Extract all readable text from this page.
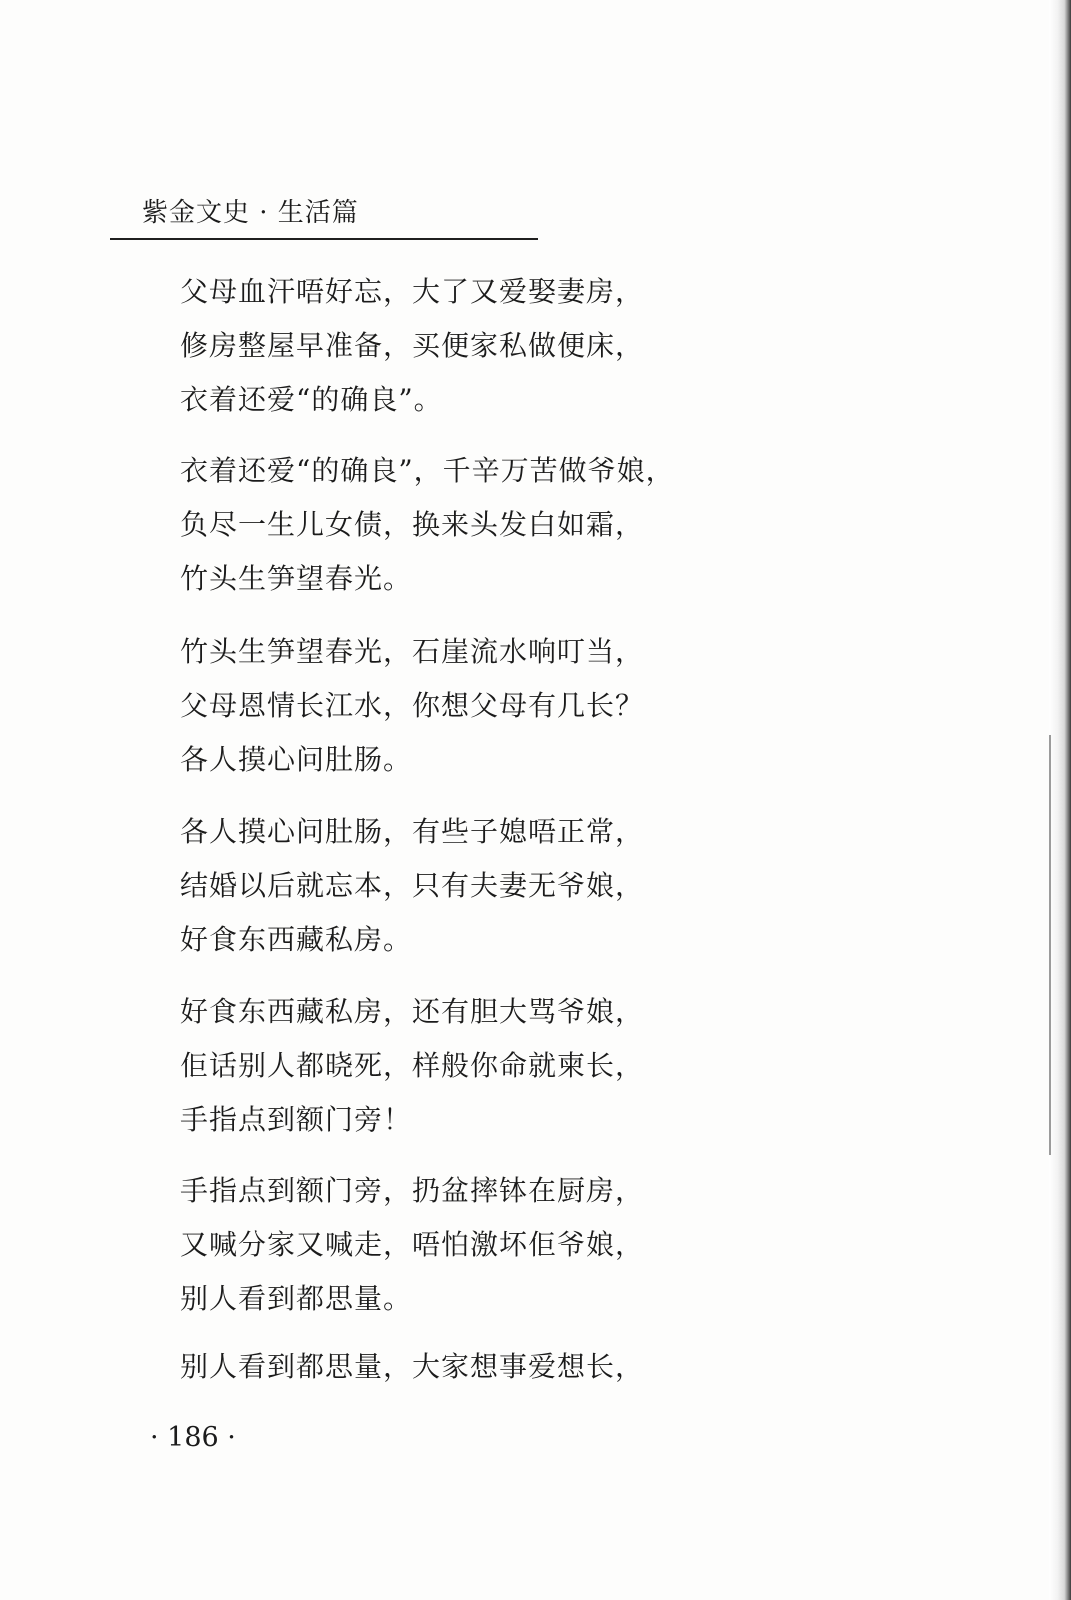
紫金文史 · 生活篇
父母血汗唔好忘，大了又爱娶妻房，
修房整屋早准备，买便家私做便床，
衣着还爱“的确良”。
衣着还爱“的确良”，千辛万苦做爷娘，
负尽一生儿女债，换来头发白如霜，
竹头生笋望春光。
竹头生笋望春光，石崖流水响叮当，
父母恩情长江水，你想父母有几长？
各人摸心问肚肠。
各人摸心问肚肠，有些子媳唔正常，
结婚以后就忘本，只有夫妻无爷娘，
好食东西藏私房。
好食东西藏私房，还有胆大骂爷娘，
佢话别人都晓死，样般你命就柬长，
手指点到额门旁！
手指点到额门旁，扔盆摔钵在厨房，
又喊分家又喊走，唔怕激坏佢爷娘，
别人看到都思量。
别人看到都思量，大家想事爱想长，
· 186 ·
